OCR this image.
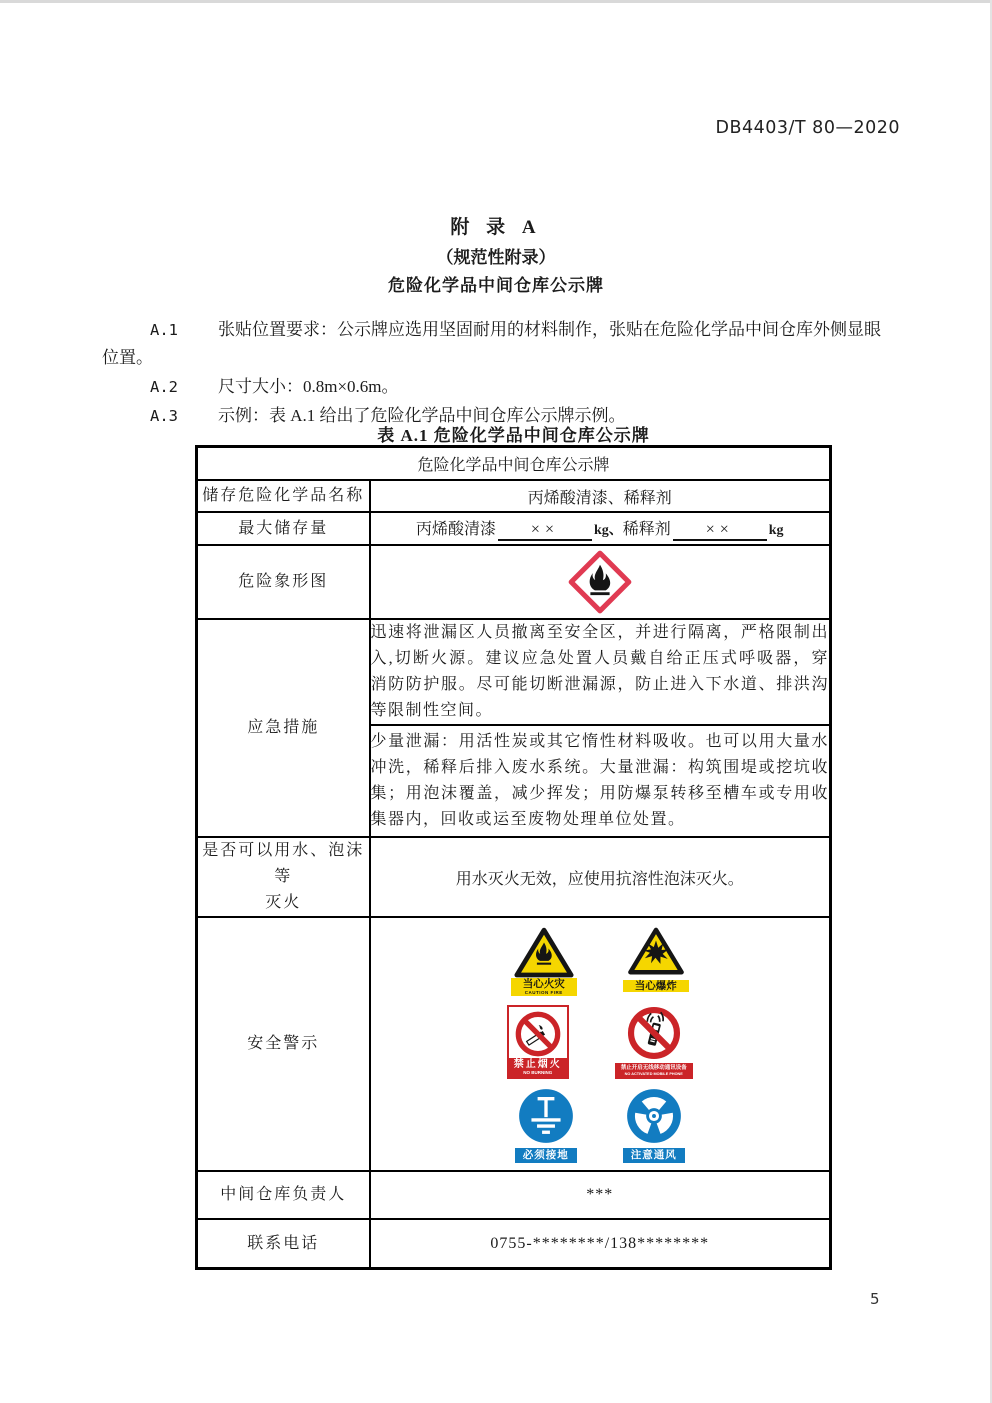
DB4403/T 80—2020
附 录 A
（规范性附录）
危险化学品中间仓库公示牌
A.1 张贴位置要求：公示牌应选用坚固耐用的材料制作，张贴在危险化学品中间仓库外侧显眼
位置。
A.2 尺寸大小：0.8m×0.6m。
A.3 示例：表 A.1 给出了危险化学品中间仓库公示牌示例。
表 A.1 危险化学品中间仓库公示牌
危险化学品中间仓库公示牌	
储存危险化学品名称	丙烯酸清漆、稀释剂
最大储存量	丙烯酸清漆 ×× kg、稀释剂 ×× kg
危险象形图	

应急措施	迅速将泄漏区人员撤离至安全区，并进行隔离，严格限制出入,切断火源。建议应急处置人员戴自给正压式呼吸器，穿消防防护服。尽可能切断泄漏源，防止进入下水道、排洪沟等限制性空间。
	少量泄漏：用活性炭或其它惰性材料吸收。也可以用大量水冲洗，稀释后排入废水系统。大量泄漏：构筑围堤或挖坑收集；用泡沫覆盖，减少挥发；用防爆泵转移至槽车或专用收集器内，回收或运至废物处理单位处置。

是否可以用水、泡沫等
灭火	用水灭火无效，应使用抗溶性泡沫灭火。
安全警示	
当心火灾
CAUTION FIRE
当心爆炸
禁止烟火
NO BURNING
禁止开启无线移动通讯设备
NO ACTIVATED MOBILE PHONE
必须接地	注意通风

中间仓库负责人	***
联系电话	0755-********/138********
5
